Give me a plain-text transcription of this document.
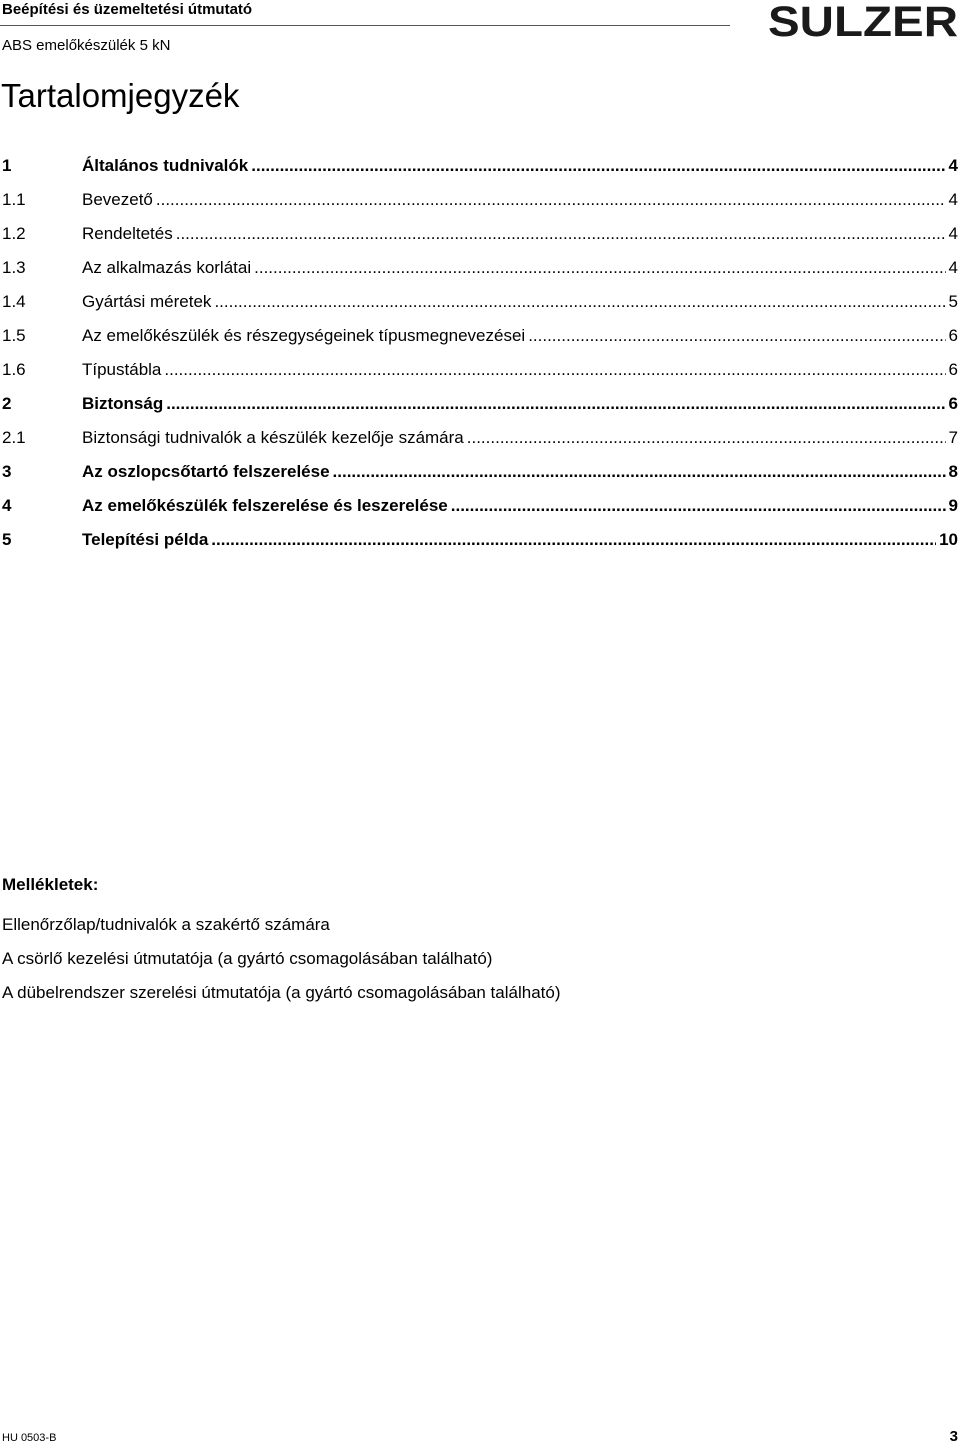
Beépítési és üzemeltetési útmutató
ABS emelőkészülék 5 kN	SULZER
Tartalomjegyzék
1	Általános tudnivalók .....	4
1.1	Bevezető .....	4
1.2	Rendeltetés .....	4
1.3	Az alkalmazás korlátai .....	4
1.4	Gyártási méretek .....	5
1.5	Az emelőkészülék és részegységeinek típusmegnevezései .....	6
1.6	Típustábla .....	6
2	Biztonság .....	6
2.1	Biztonsági tudnivalók a készülék kezelője számára .....	7
3	Az oszlopcsőtartó felszerelése .....	8
4	Az emelőkészülék felszerelése és leszerelése .....	9
5	Telepítési példa .....	10
Mellékletek:
Ellenőrzőlap/tudnivalók a szakértő számára
A csörlő kezelési útmutatója (a gyártó csomagolásában található)
A dübelrendszer szerelési útmutatója (a gyártó csomagolásában található)
HU 0503-B	3
